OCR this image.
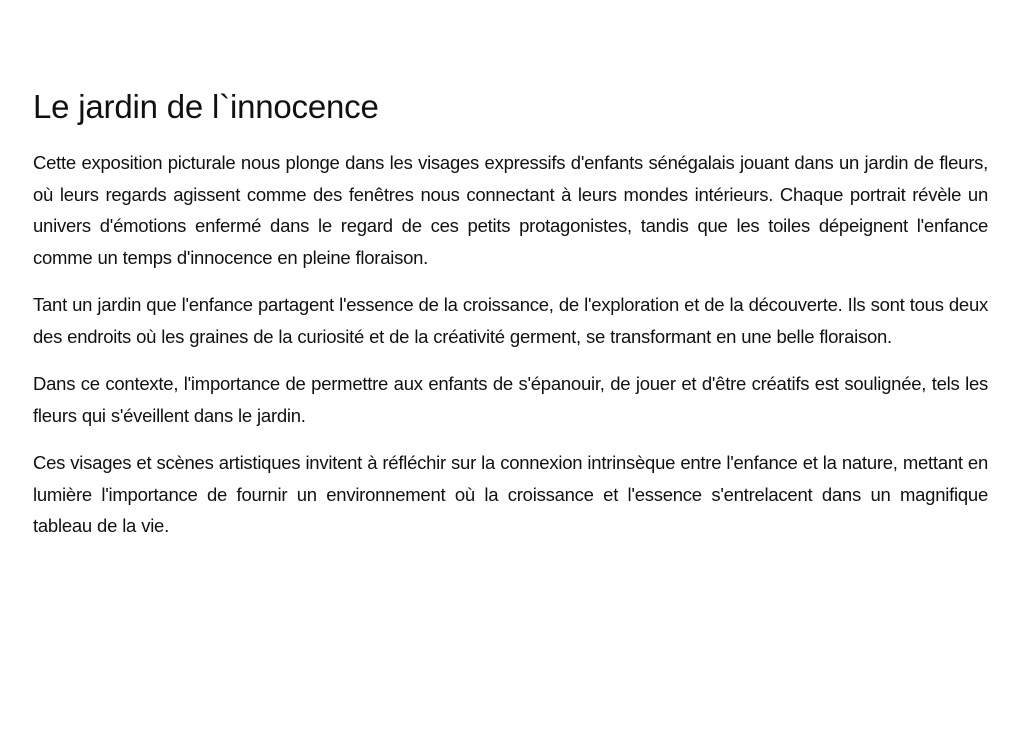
Le jardin de l`innocence

Cette exposition picturale nous plonge dans les visages expressifs d'enfants sénégalais jouant dans un jardin de fleurs, où leurs regards agissent comme des fenêtres nous connectant à leurs mondes intérieurs. Chaque portrait révèle un univers d'émotions enfermé dans le regard de ces petits protagonistes, tandis que les toiles dépeignent l'enfance comme un temps d'innocence en pleine floraison.

Tant un jardin que l'enfance partagent l'essence de la croissance, de l'exploration et de la découverte. Ils sont tous deux des endroits où les graines de la curiosité et de la créativité germent, se transformant en une belle floraison.

Dans ce contexte, l'importance de permettre aux enfants de s'épanouir, de jouer et d'être créatifs est soulignée, tels les fleurs qui s'éveillent dans le jardin.

Ces visages et scènes artistiques invitent à réfléchir sur la connexion intrinsèque entre l'enfance et la nature, mettant en lumière l'importance de fournir un environnement où la croissance et l'essence s'entrelacent dans un magnifique tableau de la vie.
